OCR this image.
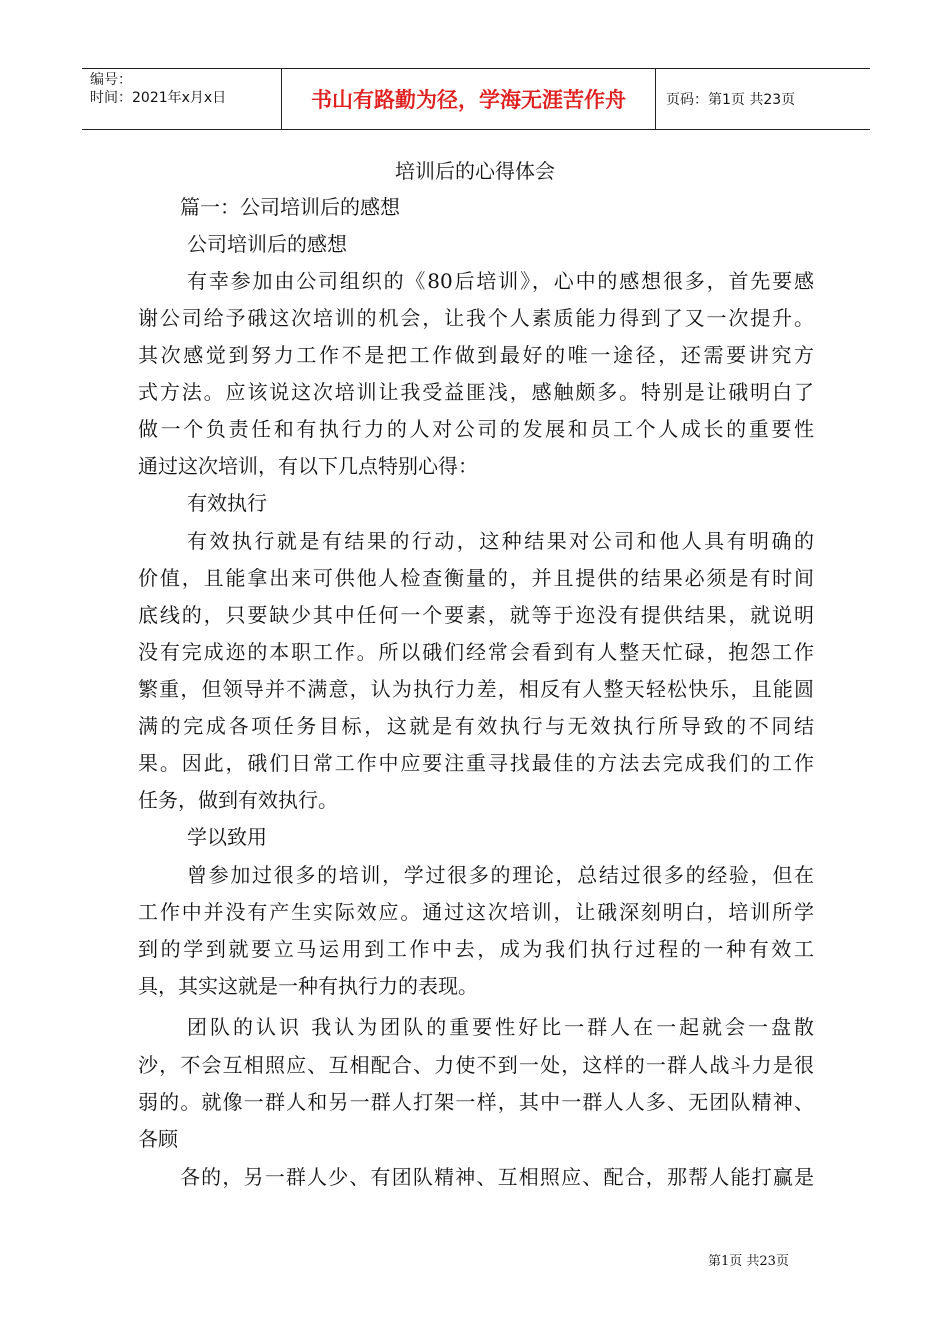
编号：
时间：2021年x月x日	书山有路勤为径，学海无涯苦作舟	页码：第1页 共23页
培训后的心得体会
篇一：公司培训后的感想
公司培训后的感想
有幸参加由公司组织的《80后培训》，心中的感想很多，首先要感
谢公司给予硪这次培训的机会，让我个人素质能力得到了又一次提升。
其次感觉到努力工作不是把工作做到最好的唯一途径，还需要讲究方
式方法。应该说这次培训让我受益匪浅，感触颇多。特别是让硪明白了
做一个负责任和有执行力的人对公司的发展和员工个人成长的重要性
通过这次培训，有以下几点特别心得：
有效执行
有效执行就是有结果的行动，这种结果对公司和他人具有明确的
价值，且能拿出来可供他人检查衡量的，并且提供的结果必须是有时间
底线的，只要缺少其中任何一个要素，就等于迩没有提供结果，就说明
没有完成迩的本职工作。所以硪们经常会看到有人整天忙碌，抱怨工作
繁重，但领导并不满意，认为执行力差，相反有人整天轻松快乐，且能圆
满的完成各项任务目标，这就是有效执行与无效执行所导致的不同结
果。因此，硪们日常工作中应要注重寻找最佳的方法去完成我们的工作
任务，做到有效执行。
学以致用
曾参加过很多的培训，学过很多的理论，总结过很多的经验，但在
工作中并没有产生实际效应。通过这次培训，让硪深刻明白，培训所学
到的学到就要立马运用到工作中去，成为我们执行过程的一种有效工
具，其实这就是一种有执行力的表现。
团队的认识 我认为团队的重要性好比一群人在一起就会一盘散
沙，不会互相照应、互相配合、力使不到一处，这样的一群人战斗力是很
弱的。就像一群人和另一群人打架一样，其中一群人人多、无团队精神、
各顾
各的，另一群人少、有团队精神、互相照应、配合，那帮人能打赢是
第1页 共23页
